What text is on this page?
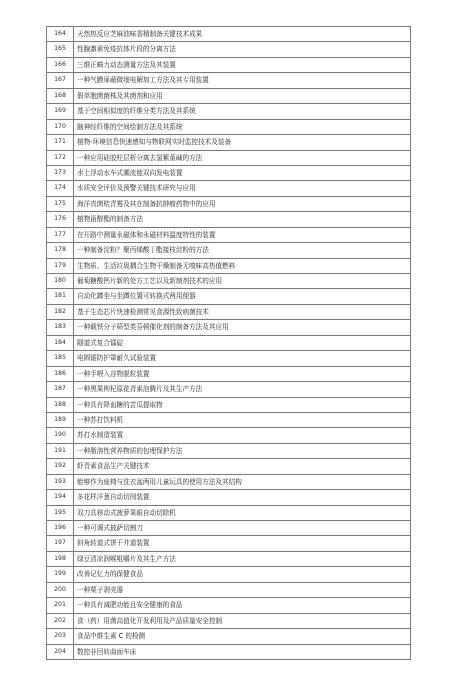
164	天然热反应芝麻油味香精制备关键技术成果
165	性腺激素免疫抗体片段的分离方法
166	三维正畸力动态测量方法及其装置
167	一种气膜扉蔽微细电解加工方法及其专用装置
168	假单胞菌菌株及其菌剂和应用
169	基于空间相似度的纤维分类方法及其系统
170	脑神经纤维的空间绘制方法及其系统
171	植物-环境信息快速感知与物联网实时监控技术及装备
172	一种应用硅胶柱层析分离去氢紫堇碱的方法
173	水上浮动水车式潮流能双向发电装置
174	水质安全评价及预警关键技术研究与应用
175	海洋真菌桔青霉及其在制备抗肿瘤药物中的应用
176	植物甾醇酯的制备方法
177	在开路中测量永磁体和永磁材料温度特性的装置
178	一种制备淀粉？聚丙烯酸丁酯接枝淀粉的方法
179	生物质、生活垃圾耦合生物干燥制备无嗅味高热值燃料
180	葡萄糖酸钙片新的处方工艺以及新制剂技术的应用
181	自动化蹲坐与坐蹲位置可转换式两用便器
182	基于生态芯片快速检测常见食源性致病菌技术
183	一种载铁分子筛型类芬顿催化剂的制备方法及其应用
184	隧道式复合镭碇
185	电圆锯防护罩耐久试验装置
186	一种手喂入谷物脱粒装置
187	一种黑果枸杞原花青素泡腾片及其生产方法
188	一种具有降血糖的苦瓜提取物
189	一种苏打饮料机
190	苏打水制造装置
191	一种脂溶性营养物质的包埋保护方法
192	虾青素食品生产关键技术
193	能够作为座椅与洗衣盆两用儿童玩具的使用方法及其结构
194	多花样洋葱自动切削装置
195	双刀具移动式菠萝果眼自动切除机
196	一种可调式披萨切割刀
197	斜角转道式饼干井道装置
198	绿豆清凉润喉咀嚼片及其生产方法
199	改善记忆力的保健食品
200	一种栗子剥壳器
201	一种具有减肥功能且安全健康的食品
202	食（药）用菌高值化开发利用及产品质量安全控制
203	食品中维生素 C 的检测
204	数控非回转曲面车床
